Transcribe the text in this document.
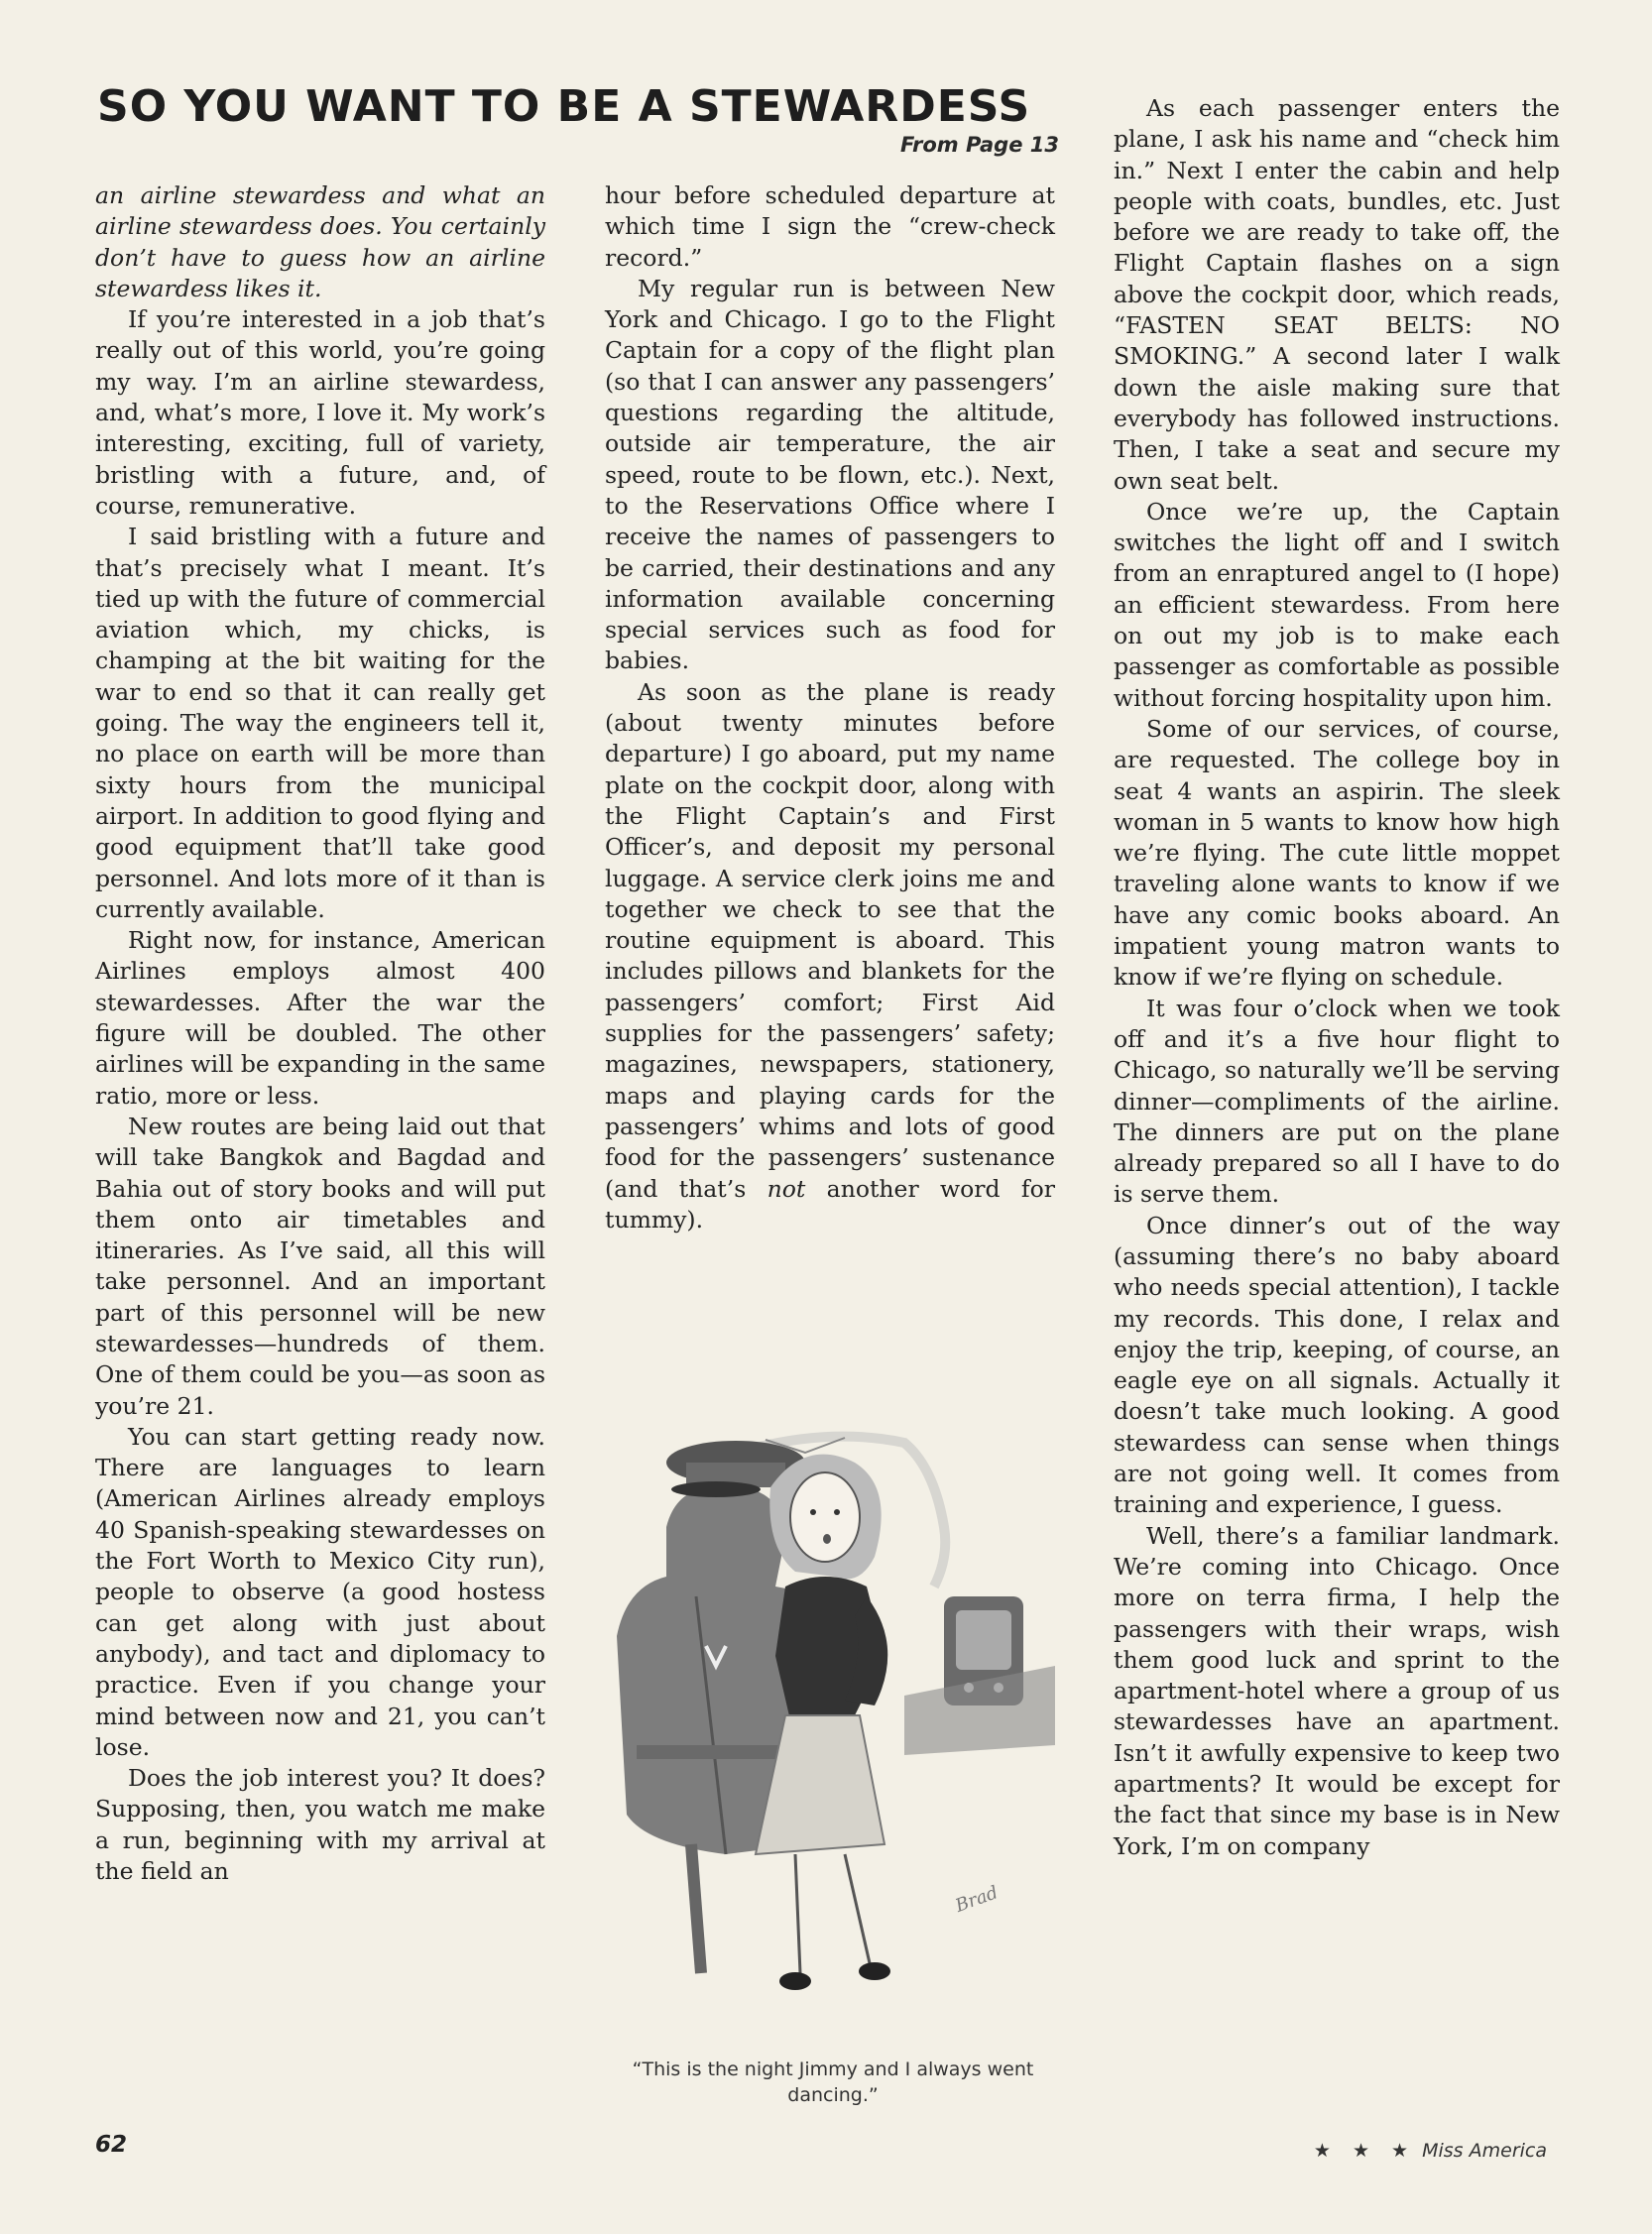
SO YOU WANT TO BE A STEWARDESS
From Page 13

an airline stewardess and what an airline stewardess does. You certainly don’t have to guess how an airline stewardess likes it.

If you’re interested in a job that’s really out of this world, you’re going my way. I’m an airline stewardess, and, what’s more, I love it. My work’s interesting, exciting, full of variety, bristling with a future, and, of course, remunerative.

I said bristling with a future and that’s precisely what I meant. It’s tied up with the future of commercial aviation which, my chicks, is champing at the bit waiting for the war to end so that it can really get going. The way the engineers tell it, no place on earth will be more than sixty hours from the municipal airport. In addition to good flying and good equipment that’ll take good personnel. And lots more of it than is currently available.

Right now, for instance, American Airlines employs almost 400 stewardesses. After the war the figure will be doubled. The other airlines will be expanding in the same ratio, more or less.

New routes are being laid out that will take Bangkok and Bagdad and Bahia out of story books and will put them onto air timetables and itineraries. As I’ve said, all this will take personnel. And an important part of this personnel will be new stewardesses—hundreds of them. One of them could be you—as soon as you’re 21.

You can start getting ready now. There are languages to learn (American Airlines already employs 40 Spanish-speaking stewardesses on the Fort Worth to Mexico City run), people to observe (a good hostess can get along with just about anybody), and tact and diplomacy to practice. Even if you change your mind between now and 21, you can’t lose.

Does the job interest you? It does? Supposing, then, you watch me make a run, beginning with my arrival at the field an

hour before scheduled departure at which time I sign the “crew-check record.”

My regular run is between New York and Chicago. I go to the Flight Captain for a copy of the flight plan (so that I can answer any passengers’ questions regarding the altitude, outside air temperature, the air speed, route to be flown, etc.). Next, to the Reservations Office where I receive the names of passengers to be carried, their destinations and any information available concerning special services such as food for babies.

As soon as the plane is ready (about twenty minutes before departure) I go aboard, put my name plate on the cockpit door, along with the Flight Captain’s and First Officer’s, and deposit my personal luggage. A service clerk joins me and together we check to see that the routine equipment is aboard. This includes pillows and blankets for the passengers’ comfort; First Aid supplies for the passengers’ safety; magazines, newspapers, stationery, maps and playing cards for the passengers’ whims and lots of good food for the passengers’ sustenance (and that’s not another word for tummy).

Brad
“This is the night Jimmy and I always went dancing.”

As each passenger enters the plane, I ask his name and “check him in.” Next I enter the cabin and help people with coats, bundles, etc. Just before we are ready to take off, the Flight Captain flashes on a sign above the cockpit door, which reads, “FASTEN SEAT BELTS: NO SMOKING.” A second later I walk down the aisle making sure that everybody has followed instructions. Then, I take a seat and secure my own seat belt.

Once we’re up, the Captain switches the light off and I switch from an enraptured angel to (I hope) an efficient stewardess. From here on out my job is to make each passenger as comfortable as possible without forcing hospitality upon him.

Some of our services, of course, are requested. The college boy in seat 4 wants an aspirin. The sleek woman in 5 wants to know how high we’re flying. The cute little moppet traveling alone wants to know if we have any comic books aboard. An impatient young matron wants to know if we’re flying on schedule.

It was four o’clock when we took off and it’s a five hour flight to Chicago, so naturally we’ll be serving dinner—compliments of the airline. The dinners are put on the plane already prepared so all I have to do is serve them.

Once dinner’s out of the way (assuming there’s no baby aboard who needs special attention), I tackle my records. This done, I relax and enjoy the trip, keeping, of course, an eagle eye on all signals. Actually it doesn’t take much looking. A good stewardess can sense when things are not going well. It comes from training and experience, I guess.

Well, there’s a familiar landmark. We’re coming into Chicago. Once more on terra firma, I help the passengers with their wraps, wish them good luck and sprint to the apartment-hotel where a group of us stewardesses have an apartment. Isn’t it awfully expensive to keep two apartments? It would be except for the fact that since my base is in New York, I’m on company

62	★ ★ ★ Miss America
